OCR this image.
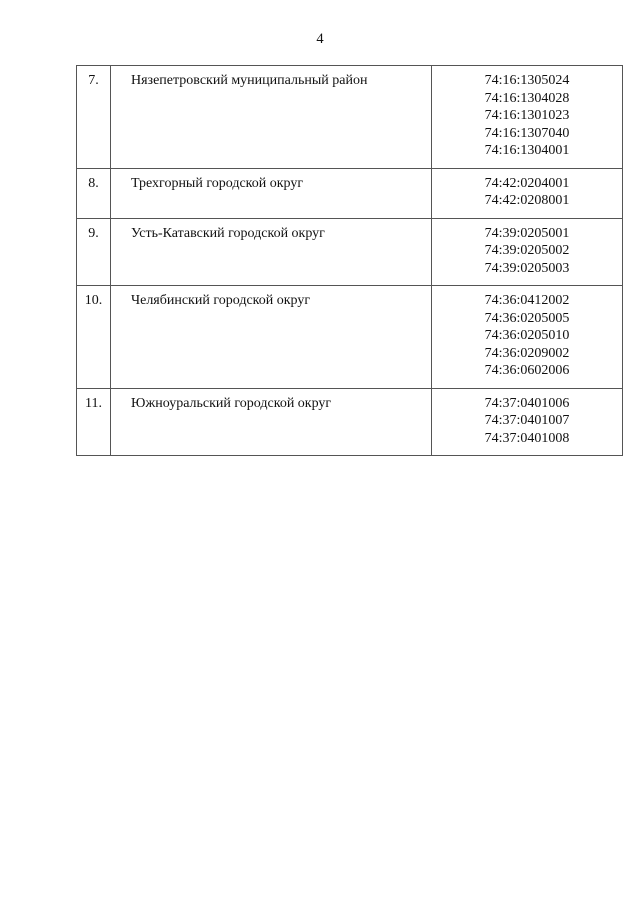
4
7.	Нязепетровский муниципальный район	74:16:1305024
74:16:1304028
74:16:1301023
74:16:1307040
74:16:1304001

8.	Трехгорный городской округ	74:42:0204001
74:42:0208001

9.	Усть-Катавский городской округ	74:39:0205001
74:39:0205002
74:39:0205003

10.	Челябинский городской округ	74:36:0412002
74:36:0205005
74:36:0205010
74:36:0209002
74:36:0602006

11.	Южноуральский городской округ	74:37:0401006
74:37:0401007
74:37:0401008
